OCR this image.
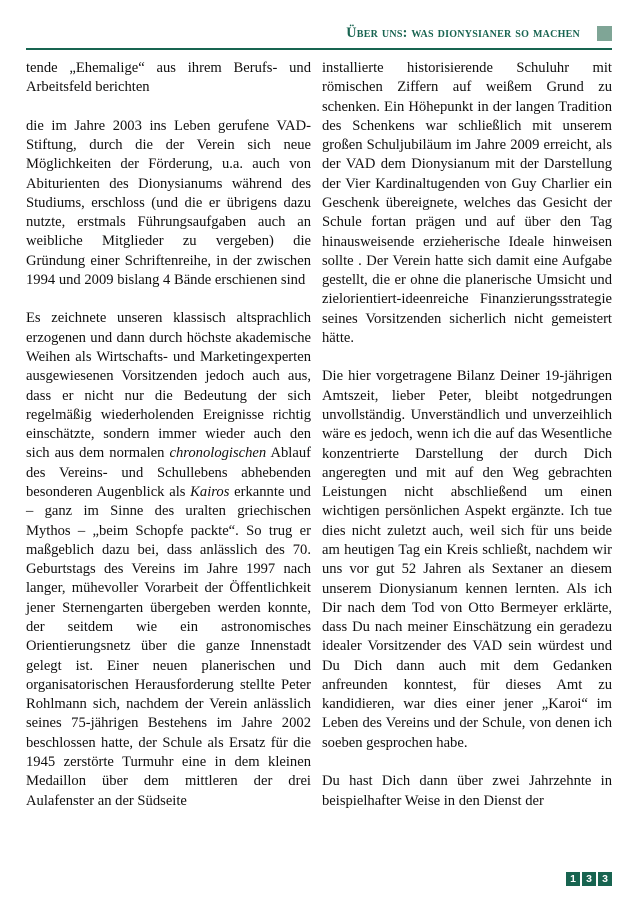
Über uns: was dionysianer so machen

tende „Ehemalige“ aus ihrem Berufs- und Arbeitsfeld berichten

die im Jahre 2003 ins Leben gerufene VAD-Stiftung, durch die der Verein sich neue Möglichkeiten der Förderung, u.a. auch von Abiturienten des Dionysianums während des Studiums, erschloss (und die er übrigens dazu nutzte, erstmals Führungsaufgaben auch an weibliche Mitglieder zu vergeben) die Gründung einer Schriftenreihe, in der zwischen 1994 und 2009 bislang 4 Bände erschienen sind

Es zeichnete unseren klassisch altsprachlich erzogenen und dann durch höchste akademische Weihen als Wirtschafts- und Marketingexperten ausgewiesenen Vorsitzenden jedoch auch aus, dass er nicht nur die Bedeutung der sich regelmäßig wiederholenden Ereignisse richtig einschätzte, sondern immer wieder auch den sich aus dem normalen chronologischen Ablauf des Vereins- und Schullebens abhebenden besonderen Augenblick als Kairos erkannte und – ganz im Sinne des uralten griechischen Mythos – „beim Schopfe packte“. So trug er maßgeblich dazu bei, dass anlässlich des 70. Geburtstags des Vereins im Jahre 1997 nach langer, mühevoller Vorarbeit der Öffentlichkeit jener Sternengarten übergeben werden konnte, der seitdem wie ein astronomisches Orientierungsnetz über die ganze Innenstadt gelegt ist. Einer neuen planerischen und organisatorischen Herausforderung stellte Peter Rohlmann sich, nachdem der Verein anlässlich seines 75-jährigen Bestehens im Jahre 2002 beschlossen hatte, der Schule als Ersatz für die 1945 zerstörte Turmuhr eine in dem kleinen Medaillon über dem mittleren der drei Aulafenster an der Südseite

installierte historisierende Schuluhr mit römischen Ziffern auf weißem Grund zu schenken. Ein Höhepunkt in der langen Tradition des Schenkens war schließlich mit unserem großen Schuljubiläum im Jahre 2009 erreicht, als der VAD dem Dionysianum mit der Darstellung der Vier Kardinaltugenden von Guy Charlier ein Geschenk übereignete, welches das Gesicht der Schule fortan prägen und auf über den Tag hinausweisende erzieherische Ideale hinweisen sollte . Der Verein hatte sich damit eine Aufgabe gestellt, die er ohne die planerische Umsicht und zielorientiert-ideenreiche Finanzierungsstrategie seines Vorsitzenden sicherlich nicht gemeistert hätte.

Die hier vorgetragene Bilanz Deiner 19-jährigen Amtszeit, lieber Peter, bleibt notgedrungen unvollständig. Unverständlich und unverzeihlich wäre es jedoch, wenn ich die auf das Wesentliche konzentrierte Darstellung der durch Dich angeregten und mit auf den Weg gebrachten Leistungen nicht abschließend um einen wichtigen persönlichen Aspekt ergänzte. Ich tue dies nicht zuletzt auch, weil sich für uns beide am heutigen Tag ein Kreis schließt, nachdem wir uns vor gut 52 Jahren als Sextaner an diesem unserem Dionysianum kennen lernten. Als ich Dir nach dem Tod von Otto Bermeyer erklärte, dass Du nach meiner Einschätzung ein geradezu idealer Vorsitzender des VAD sein würdest und Du Dich dann auch mit dem Gedanken anfreunden konntest, für dieses Amt zu kandidieren, war dies einer jener „Karoi“ im Leben des Vereins und der Schule, von denen ich soeben gesprochen habe.

Du hast Dich dann über zwei Jahrzehnte in beispielhafter Weise in den Dienst der

1 3 3
